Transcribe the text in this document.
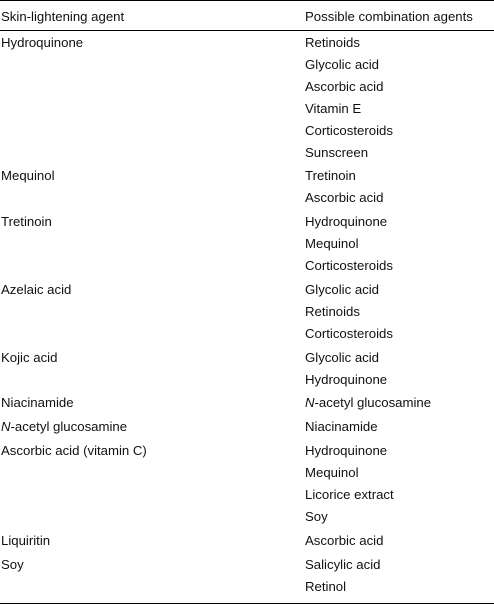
Skin-lightening agent	Possible combination agents
Hydroquinone	Retinoids
Glycolic acid
Ascorbic acid
Vitamin E
Corticosteroids
Sunscreen
Mequinol	Tretinoin
Ascorbic acid
Tretinoin	Hydroquinone
Mequinol
Corticosteroids
Azelaic acid	Glycolic acid
Retinoids
Corticosteroids
Kojic acid	Glycolic acid
Hydroquinone
Niacinamide	N-acetyl glucosamine
N-acetyl glucosamine	Niacinamide
Ascorbic acid (vitamin C)	Hydroquinone
Mequinol
Licorice extract
Soy
Liquiritin	Ascorbic acid
Soy	Salicylic acid
Retinol
